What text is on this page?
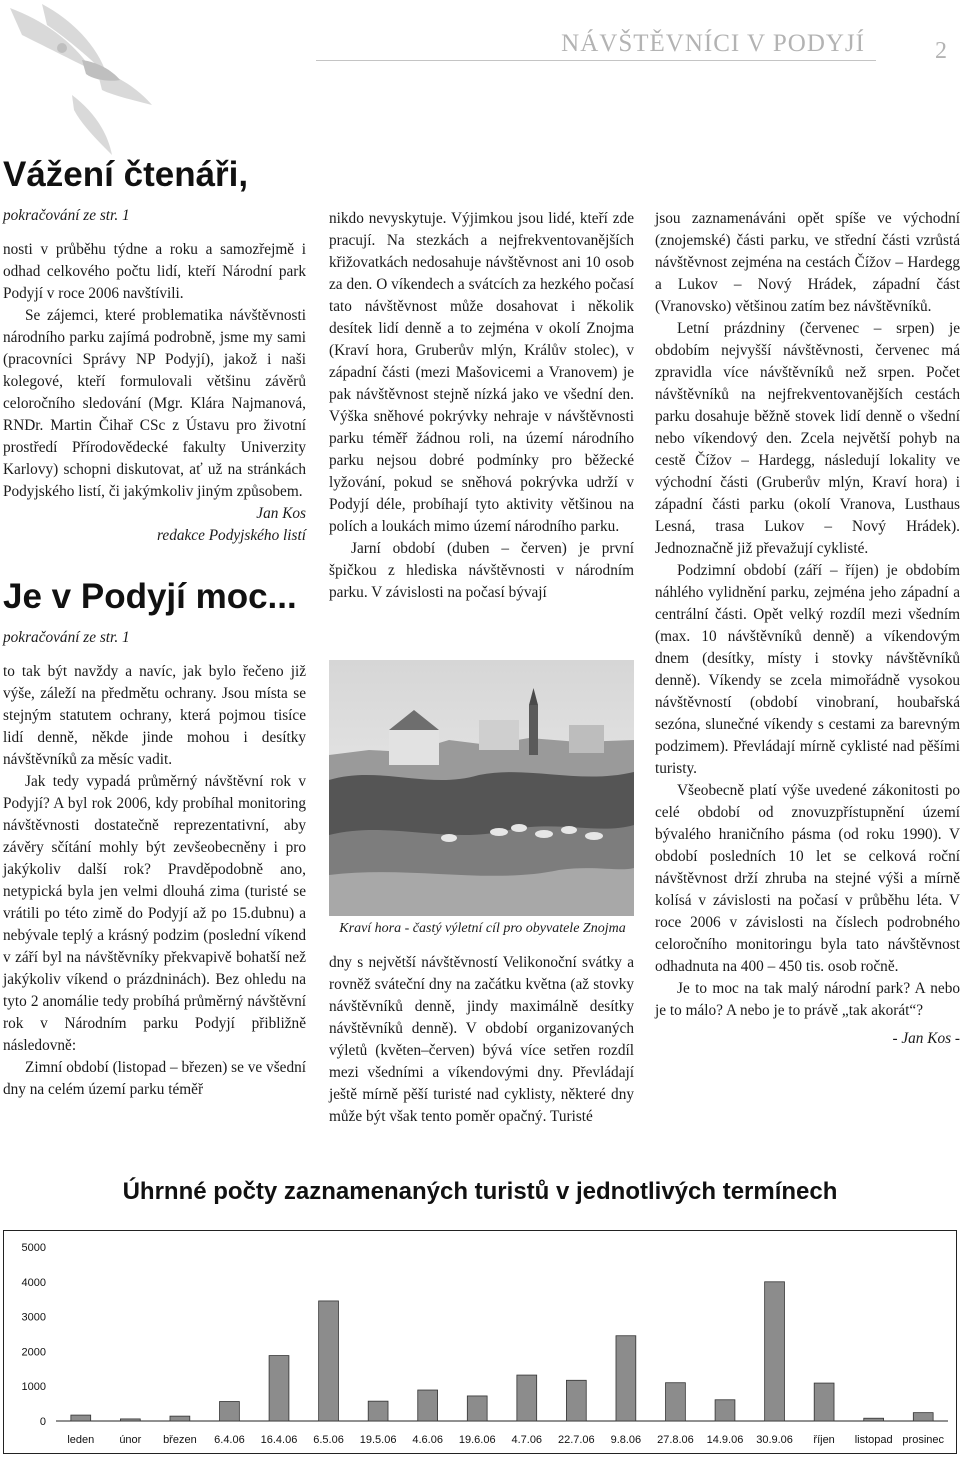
NÁVŠTĚVNÍCI V PODYJÍ	2
Vážení čtenáři,

pokračování ze str. 1

nosti v průběhu týdne a roku a samozřejmě i odhad celkového počtu lidí, kteří Národní park Podyjí v roce 2006 navštívili.

Se zájemci, které problematika návštěvnosti národního parku zajímá podrobně, jsme my sami (pracovníci Správy NP Podyjí), jakož i naši kolegové, kteří formulovali většinu závěrů celoročního sledování (Mgr. Klára Najmanová, RNDr. Martin Čihař CSc z Ústavu pro životní prostředí Přírodovědecké fakulty Univerzity Karlovy) schopni diskutovat, ať už na stránkách Podyjského listí, či jakýmkoliv jiným způsobem.

Jan Kos

redakce Podyjského listí

Je v Podyjí moc...

pokračování ze str. 1

to tak být navždy a navíc, jak bylo řečeno již výše, záleží na předmětu ochrany. Jsou místa se stejným statutem ochrany, která pojmou tisíce lidí denně, někde jinde mohou i desítky návštěvníků za měsíc vadit.

Jak tedy vypadá průměrný návštěvní rok v Podyjí? A byl rok 2006, kdy probíhal monitoring návštěvnosti dostatečně reprezentativní, aby závěry sčítání mohly být zevšeobecněny i pro jakýkoliv další rok? Pravděpodobně ano, netypická byla jen velmi dlouhá zima (turisté se vrátili po této zimě do Podyjí až po 15.dubnu) a nebývale teplý a krásný podzim (poslední víkend v září byl na návštěvníky překvapivě bohatší než jakýkoliv víkend o prázdninách). Bez ohledu na tyto 2 anomálie tedy probíhá průměrný návštěvní rok v Národním parku Podyjí přibližně následovně:

Zimní období (listopad – březen) se ve všední dny na celém území parku téměř

nikdo nevyskytuje. Výjimkou jsou lidé, kteří zde pracují. Na stezkách a nejfrekventovanějších křižovatkách nedosahuje návštěvnost ani 10 osob za den. O víkendech a svátcích za hezkého počasí tato návštěvnost může dosahovat i několik desítek lidí denně a to zejména v okolí Znojma (Kraví hora, Gruberův mlýn, Králův stolec), v západní části (mezi Mašovicemi a Vranovem) je pak návštěvnost stejně nízká jako ve všední den. Výška sněhové pokrývky nehraje v návštěvnosti parku téměř žádnou roli, na území národního parku nejsou dobré podmínky pro běžecké lyžování, pokud se sněhová pokrývka udrží v Podyjí déle, probíhají tyto aktivity většinou na polích a loukách mimo území národního parku.

Jarní období (duben – červen) je první špičkou z hlediska návštěvnosti v národním parku. V závislosti na počasí bývají

Kraví hora - častý výletní cíl pro obyvatele Znojma

dny s největší návštěvností Velikonoční svátky a rovněž sváteční dny na začátku května (až stovky návštěvníků denně, jindy maximálně desítky návštěvníků denně). V období organizovaných výletů (květen–červen) bývá více setřen rozdíl mezi všedními a víkendovými dny. Převládají ještě mírně pěší turisté nad cyklisty, některé dny může být však tento poměr opačný. Turisté

jsou zaznamenáváni opět spíše ve východní (znojemské) části parku, ve střední části vzrůstá návštěvnost zejména na cestách Čížov – Hardegg a Lukov – Nový Hrádek, západní část (Vranovsko) většinou zatím bez návštěvníků.

Letní prázdniny (červenec – srpen) je obdobím nejvyšší návštěvnosti, červenec má zpravidla více návštěvníků než srpen. Počet návštěvníků na nejfrekventovanějších cestách parku dosahuje běžně stovek lidí denně o všední nebo víkendový den. Zcela největší pohyb na cestě Čížov – Hardegg, následují lokality ve východní části (Gruberův mlýn, Kraví hora) i západní části parku (okolí Vranova, Lusthaus Lesná, trasa Lukov – Nový Hrádek). Jednoznačně již převažují cyklisté.

Podzimní období (září – říjen) je obdobím náhlého vylidnění parku, zejména jeho západní a centrální části. Opět velký rozdíl mezi všedním (max. 10 návštěvníků denně) a víkendovým dnem (desítky, místy i stovky návštěvníků denně). Víkendy se zcela mimořádně vysokou návštěvností (období vinobraní, houbařská sezóna, slunečné víkendy s cestami za barevným podzimem). Převládají mírně cyklisté nad pěšími turisty.

Všeobecně platí výše uvedené zákonitosti po celé období od znovuzpřístupnění území bývalého hraničního pásma (od roku 1990). V období posledních 10 let se celková roční návštěvnost drží zhruba na stejné výši a mírně kolísá v závislosti na počasí v průběhu léta. V roce 2006 v závislosti na číslech podrobného celoročního monitoringu byla tato návštěvnost odhadnuta na 400 – 450 tis. osob ročně.

Je to moc na tak malý národní park? A nebo je to málo? A nebo je to právě „tak akorát“?

- Jan Kos -

Úhrnné počty zaznamenaných turistů v jednotlivých termínech
0
1000
2000
3000
4000
5000
leden únor březen 6.4.06 16.4.06 6.5.06 19.5.06 4.6.06 19.6.06 4.7.06 22.7.06 9.8.06 27.8.06 14.9.06 30.9.06 říjen listopad prosinec
